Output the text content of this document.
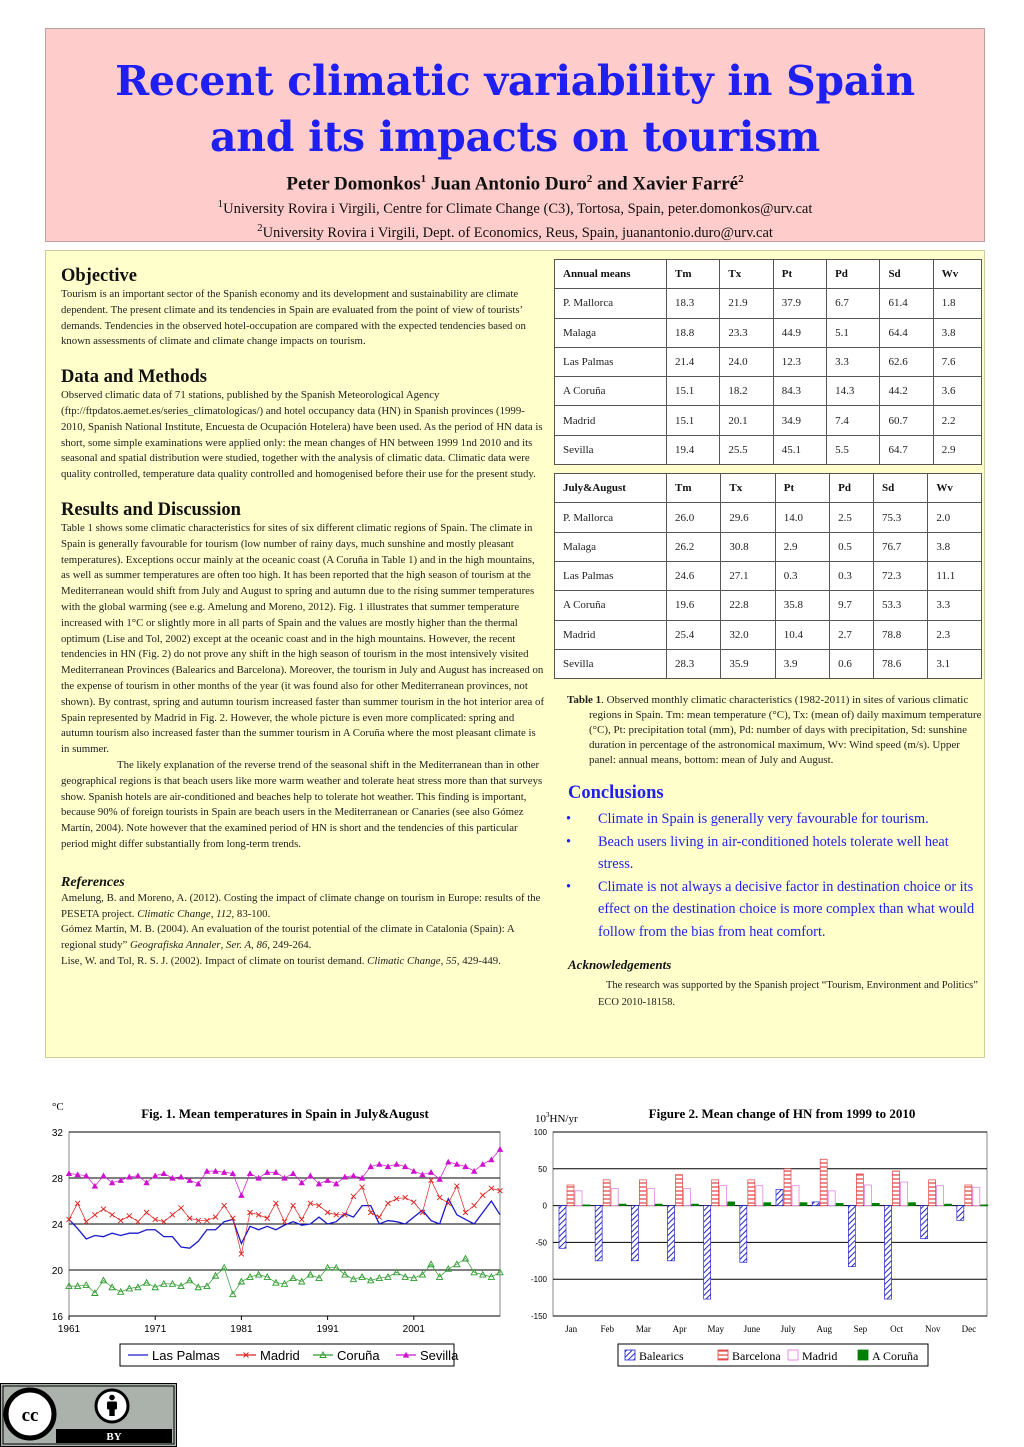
Recent climatic variability in Spain
and its impacts on tourism
Peter Domonkos$^1$ Juan Antonio Duro$^2$ and Xavier Farré$^2$
$^1$University Rovira i Virgili, Centre for Climate Change (C3), Tortosa, Spain, peter.domonkos@urv.cat
$^2$University Rovira i Virgili, Dept. of Economics, Reus, Spain, juanantonio.duro@urv.cat
Objective

Tourism is an important sector of the Spanish economy and its development and sustainability are climate dependent. The present climate and its tendencies in Spain are evaluated from the point of view of tourists’ demands. Tendencies in the observed hotel-occupation are compared with the expected tendencies based on known assessments of climate and climate change impacts on tourism.

Data and Methods

Observed climatic data of 71 stations, published by the Spanish Meteorological Agency (ftp://ftpdatos.aemet.es/series_climatologicas/) and hotel occupancy data (HN) in Spanish provinces (1999-2010, Spanish National Institute, Encuesta de Ocupación Hotelera) have been used. As the period of HN data is short, some simple examinations were applied only: the mean changes of HN between 1999 1nd 2010 and its seasonal and spatial distribution were studied, together with the analysis of climatic data. Climatic data were quality controlled, temperature data quality controlled and homogenised before their use for the present study.

Results and Discussion

Table 1 shows some climatic characteristics for sites of six different climatic regions of Spain. The climate in Spain is generally favourable for tourism (low number of rainy days, much sunshine and mostly pleasant temperatures). Exceptions occur mainly at the oceanic coast (A Coruña in Table 1) and in the high mountains, as well as summer temperatures are often too high. It has been reported that the high season of tourism at the Mediterranean would shift from July and August to spring and autumn due to the rising summer temperatures with the global warming (see e.g. Amelung and Moreno, 2012). Fig. 1 illustrates that summer temperature increased with 1°C or slightly more in all parts of Spain and the values are mostly higher than the thermal optimum (Lise and Tol, 2002) except at the oceanic coast and in the high mountains. However, the recent tendencies in HN (Fig. 2) do not prove any shift in the high season of tourism in the most intensively visited Mediterranean Provinces (Balearics and Barcelona). Moreover, the tourism in July and August has increased on the expense of tourism in other months of the year (it was found also for other Mediterranean provinces, not shown). By contrast, spring and autumn tourism increased faster than summer tourism in the hot interior area of Spain represented by Madrid in Fig. 2. However, the whole picture is even more complicated: spring and autumn tourism also increased faster than the summer tourism in A Coruña where the most pleasant climate is in summer.

The likely explanation of the reverse trend of the seasonal shift in the Mediterranean than in other geographical regions is that beach users like more warm weather and tolerate heat stress more than that surveys show. Spanish hotels are air-conditioned and beaches help to tolerate hot weather. This finding is important, because 90% of foreign tourists in Spain are beach users in the Mediterranean or Canaries (see also Gómez Martín, 2004). Note however that the examined period of HN is short and the tendencies of this particular period might differ substantially from long-term trends.

References
Amelung, B. and Moreno, A. (2012). Costing the impact of climate change on tourism in Europe: results of the PESETA project. Climatic Change, 112, 83-100.
Gómez Martín, M. B. (2004). An evaluation of the tourist potential of the climate in Catalonia (Spain): A regional study” Geografiska Annaler, Ser. A, 86, 249-264.
Lise, W. and Tol, R. S. J. (2002). Impact of climate on tourist demand. Climatic Change, 55, 429-449.
Annual means	Tm	Tx	Pt	Pd	Sd	Wv
P. Mallorca	18.3	21.9	37.9	6.7	61.4	1.8
Malaga	18.8	23.3	44.9	5.1	64.4	3.8
Las Palmas	21.4	24.0	12.3	3.3	62.6	7.6
A Coruña	15.1	18.2	84.3	14.3	44.2	3.6
Madrid	15.1	20.1	34.9	7.4	60.7	2.2
Sevilla	19.4	25.5	45.1	5.5	64.7	2.9
July&August	Tm	Tx	Pt	Pd	Sd	Wv
P. Mallorca	26.0	29.6	14.0	2.5	75.3	2.0
Malaga	26.2	30.8	2.9	0.5	76.7	3.8
Las Palmas	24.6	27.1	0.3	0.3	72.3	11.1
A Coruña	19.6	22.8	35.8	9.7	53.3	3.3
Madrid	25.4	32.0	10.4	2.7	78.8	2.3
Sevilla	28.3	35.9	3.9	0.6	78.6	3.1

Table 1. Observed monthly climatic characteristics (1982-2011) in sites of various climatic regions in Spain. Tm: mean temperature (°C), Tx: (mean of) daily maximum temperature (°C), Pt: precipitation total (mm), Pd: number of days with precipitation, Sd: sunshine duration in percentage of the astronomical maximum, Wv: Wind speed (m/s). Upper panel: annual means, bottom: mean of July and August.

Conclusions
• Climate in Spain is generally very favourable for tourism.
• Beach users living in air-conditioned hotels tolerate well heat stress.
• Climate is not always a decisive factor in destination choice or its effect on the destination choice is more complex than what would follow from the bias from heat comfort.
Acknowledgements

The research was supported by the Spanish project “Tourism, Environment and Politics” ECO 2010-18158.

°C	Fig. 1. Mean temperatures in Spain in July&August
32
28
24
20
16
1961	1971	1981	1991	2001
Las Palmas	Madrid	Coruña	Sevilla
$10^3HN/yr$	Figure 2. Mean change of HN from 1999 to 2010
100
50
0
-50
-100
-150
Jan	Feb Mar Apr May June July Aug Sep	Oct Nov Dec
Balearics	Barcelona Madrid	A Coruña
BY
cc
